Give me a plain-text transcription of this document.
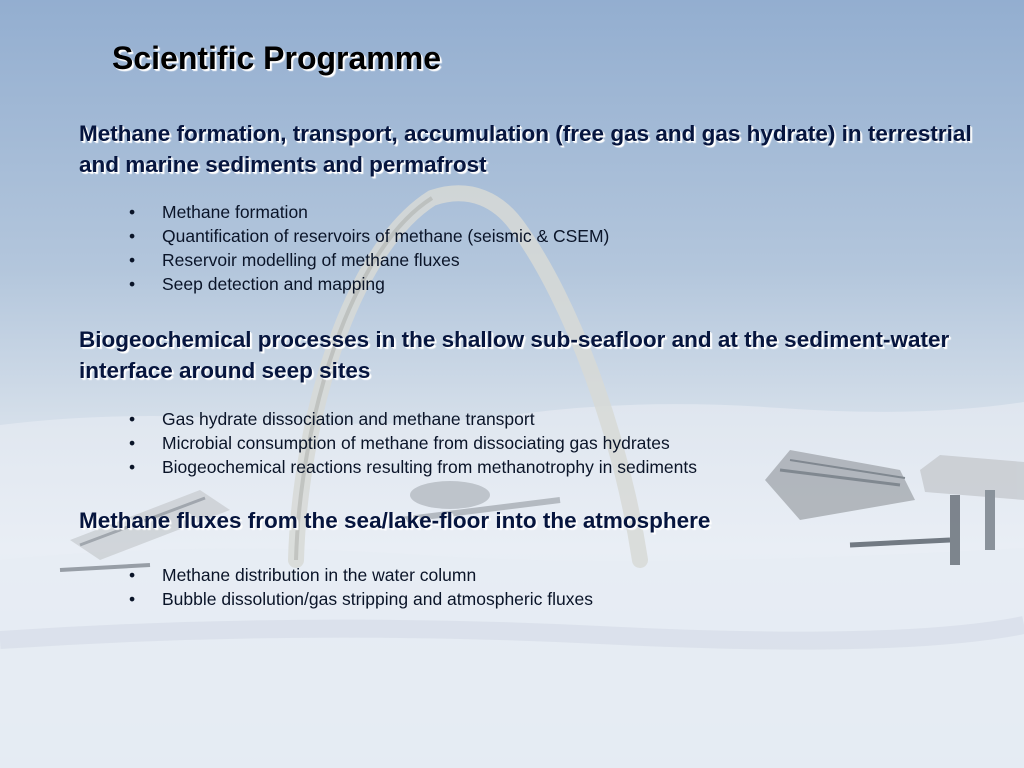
Scientific Programme
Methane formation, transport, accumulation (free gas and gas hydrate) in terrestrial and marine sediments and permafrost
• Methane formation
• Quantification of reservoirs of methane (seismic & CSEM)
• Reservoir modelling of methane fluxes
• Seep detection and mapping
Biogeochemical processes in the shallow sub-seafloor and at the sediment-water interface around seep sites
• Gas hydrate dissociation and methane transport
• Microbial consumption of methane from dissociating gas hydrates
• Biogeochemical reactions resulting from methanotrophy in sediments
Methane fluxes from the sea/lake-floor into the atmosphere
• Methane distribution in the water column
• Bubble dissolution/gas stripping and atmospheric fluxes
